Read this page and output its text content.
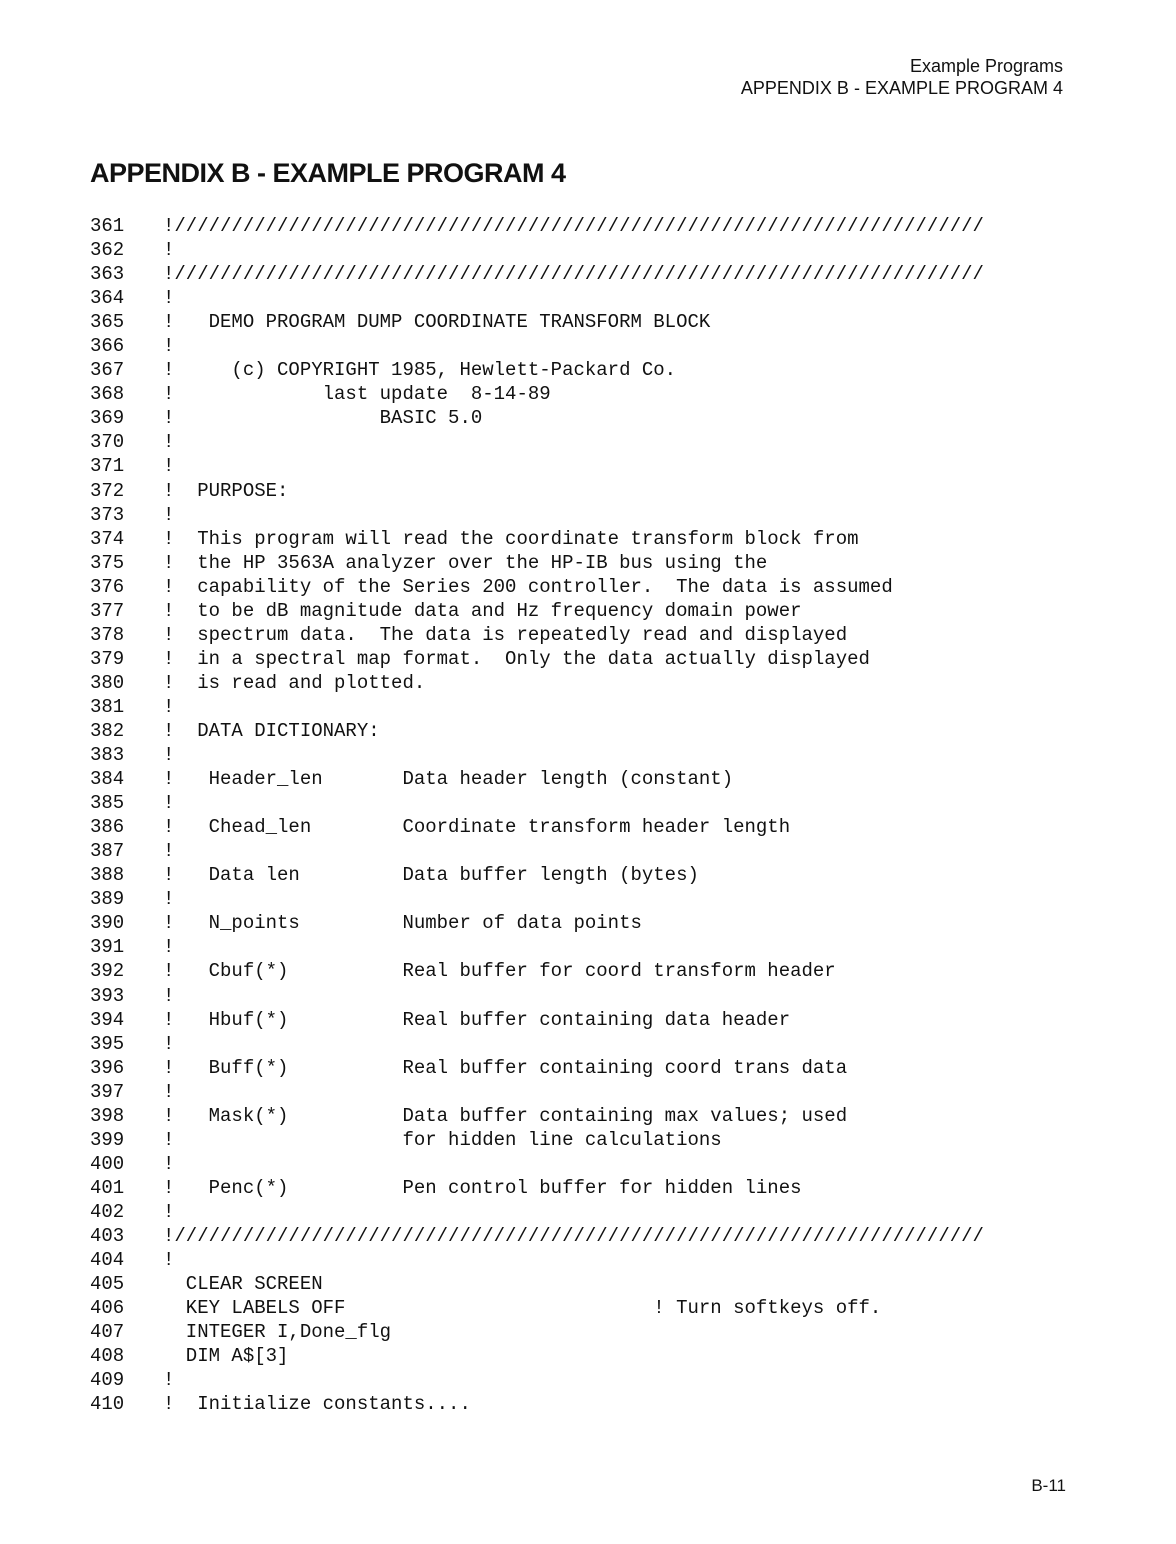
Example Programs
APPENDIX B - EXAMPLE PROGRAM 4
APPENDIX B - EXAMPLE PROGRAM 4
361 !///////////////////////////////////////////////////////////////////////
362 !
363 !///////////////////////////////////////////////////////////////////////
364 !
365 !   DEMO PROGRAM DUMP COORDINATE TRANSFORM BLOCK
366 !
367 !     (c) COPYRIGHT 1985, Hewlett-Packard Co.
368 !             last update  8-14-89
369 !                  BASIC 5.0
370 !
371 !
372 !  PURPOSE:
373 !
374 !  This program will read the coordinate transform block from
375 !  the HP 3563A analyzer over the HP-IB bus using the
376 !  capability of the Series 200 controller.  The data is assumed
377 !  to be dB magnitude data and Hz frequency domain power
378 !  spectrum data.  The data is repeatedly read and displayed
379 !  in a spectral map format.  Only the data actually displayed
380 !  is read and plotted.
381 !
382 !  DATA DICTIONARY:
383 !
384 !   Header_len       Data header length (constant)
385 !
386 !   Chead_len        Coordinate transform header length
387 !
388 !   Data len         Data buffer length (bytes)
389 !
390 !   N_points         Number of data points
391 !
392 !   Cbuf(*)          Real buffer for coord transform header
393 !
394 !   Hbuf(*)          Real buffer containing data header
395 !
396 !   Buff(*)          Real buffer containing coord trans data
397 !
398 !   Mask(*)          Data buffer containing max values; used
399 !                    for hidden line calculations
400 !
401 !   Penc(*)          Pen control buffer for hidden lines
402 !
403 !///////////////////////////////////////////////////////////////////////
404 !
405 CLEAR SCREEN
406 KEY LABELS OFF                           ! Turn softkeys off.
407 INTEGER I,Done_flg
408 DIM A$[3]
409 !
410 !  Initialize constants....
B-11
